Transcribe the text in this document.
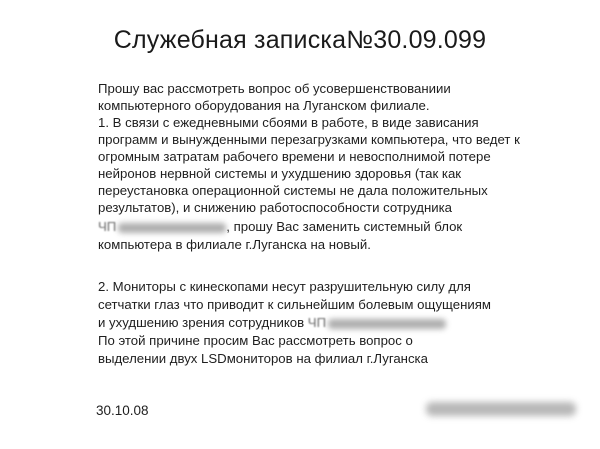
Служебная записка№30.09.099
Прошу вас рассмотреть вопрос об усовершенствованиии
компьютерного оборудования на Луганском филиале.
1. В связи с ежедневными сбоями в работе, в виде зависания
программ и вынужденными перезагрузками компьютера, что ведет к
огромным затратам рабочего времени и невосполнимой потере
нейронов нервной системы и ухудшению здоровья (так как
переустановка операционной системы не дала положительных
результатов), и снижению работоспособности сотрудника
ЧП	, прошу Вас заменить системный блок
компьютера в филиале г.Луганска на новый.
2. Мониторы с кинескопами несут разрушительную силу для
сетчатки глаз что приводит к сильнейшим болевым ощущениям
и ухудшению зрения сотрудников ЧП
По этой причине просим Вас рассмотреть вопрос о
выделении двух LSDмониторов на филиал г.Луганска
30.10.08
